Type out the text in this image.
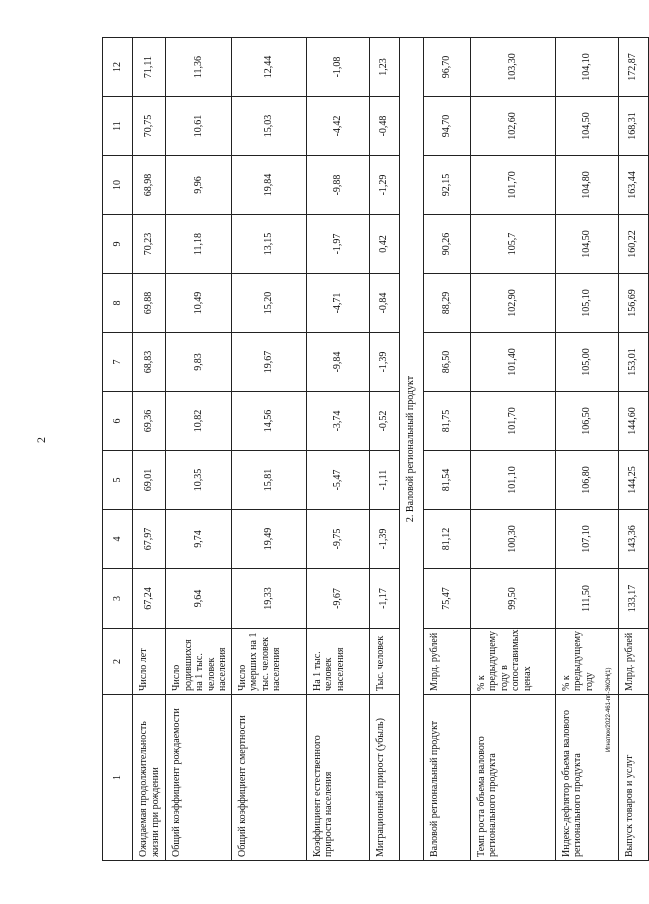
2
Игнатюк/2022-461-пп-ЭКОН(1)
1	2	3	4	5	6	7	8	9	10	11	12
Ожидаемая продолжительность жизни при рождении	Число лет	67,24	67,97	69,01	69,36	68,83	69,88	70,23	68,98	70,75	71,11
Общий коэффициент рождаемости	Число родившихся на 1 тыс. человек населения	9,64	9,74	10,35	10,82	9,83	10,49	11,18	9,96	10,61	11,36
Общий коэффициент смертности	Число умерших на 1 тыс. человек населения	19,33	19,49	15,81	14,56	19,67	15,20	13,15	19,84	15,03	12,44
Коэффициент естественного прироста населения	На 1 тыс. человек населения	-9,67	-9,75	-5,47	-3,74	-9,84	-4,71	-1,97	-9,88	-4,42	-1,08
Миграционный прирост (убыль)	Тыс. человек	-1,17	-1,39	-1,11	-0,52	-1,39	-0,84	0,42	-1,29	-0,48	1,23
2. Валовой региональный продукт											
Валовой региональный продукт	Млрд. рублей	75,47	81,12	81,54	81,75	86,50	88,29	90,26	92,15	94,70	96,70
Темп роста объема валового регионального продукта	% к предыдущему году в сопоставимых ценах	99,50	100,30	101,10	101,70	101,40	102,90	105,7	101,70	102,60	103,30
Индекс-дефлятор объема валового регионального продукта	% к предыдущему году	111,50	107,10	106,80	106,50	105,00	105,10	104,50	104,80	104,50	104,10
Выпуск товаров и услуг	Млрд. рублей	133,17	143,36	144,25	144,60	153,01	156,69	160,22	163,44	168,31	172,87
